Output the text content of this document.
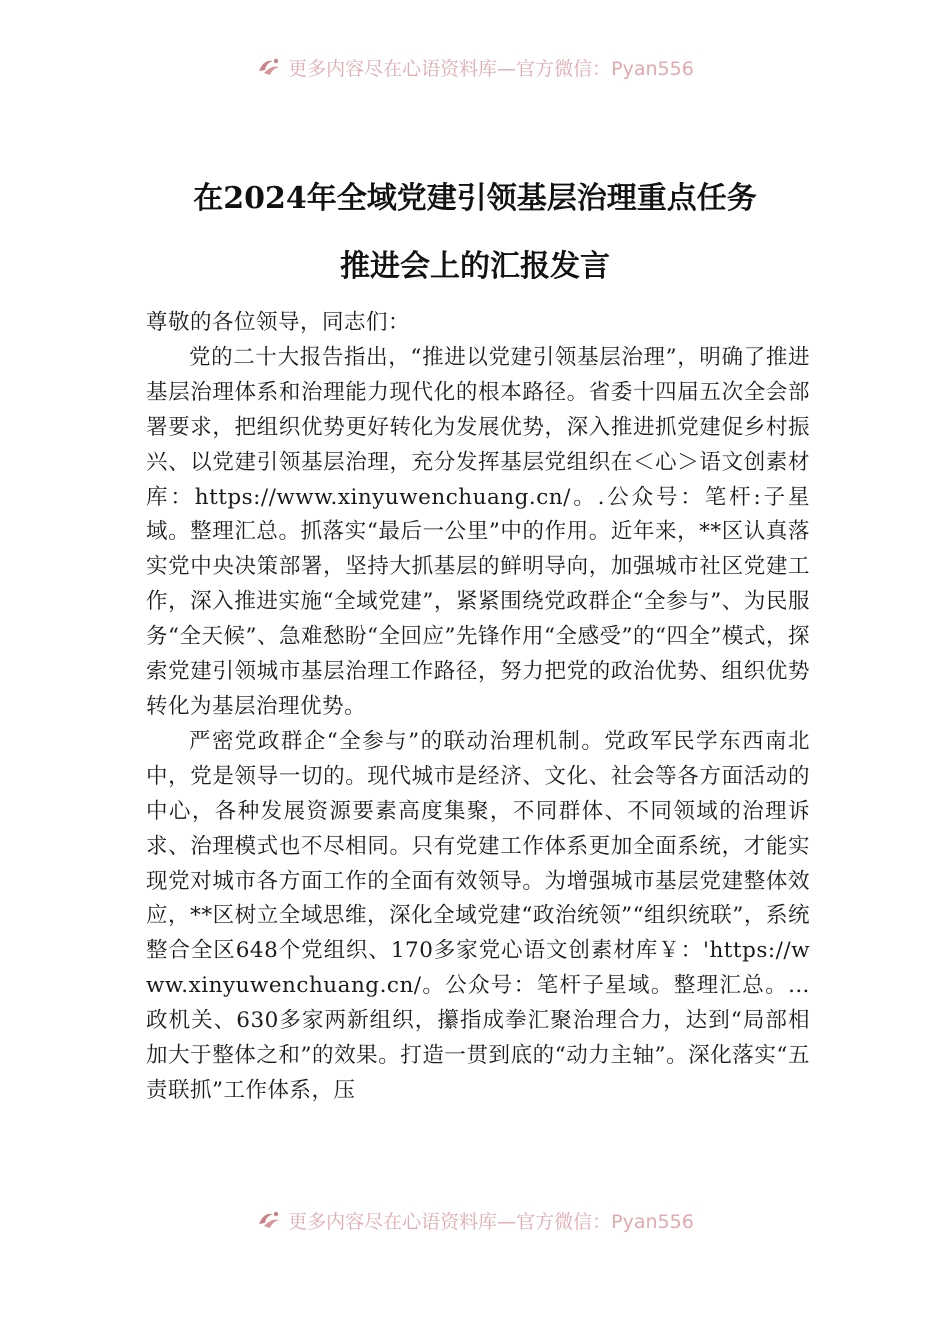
更多内容尽在心语资料库—官方微信：Pyan556
在2024年全域党建引领基层治理重点任务
推进会上的汇报发言

尊敬的各位领导，同志们：

党的二十大报告指出，“推进以党建引领基层治理”，明确了推进基层治理体系和治理能力现代化的根本路径。省委十四届五次全会部署要求，把组织优势更好转化为发展优势，深入推进抓党建促乡村振兴、以党建引领基层治理，充分发挥基层党组织在＜心＞语文创素材库：https://www.xinyuwenchuang.cn/。.公众号：笔杆:子星域。整理汇总。抓落实“最后一公里”中的作用。近年来，**区认真落实党中央决策部署，坚持大抓基层的鲜明导向，加强城市社区党建工作，深入推进实施“全域党建”，紧紧围绕党政群企“全参与”、为民服务“全天候”、急难愁盼“全回应”先锋作用“全感受”的“四全”模式，探索党建引领城市基层治理工作路径，努力把党的政治优势、组织优势转化为基层治理优势。

严密党政群企“全参与”的联动治理机制。党政军民学东西南北中，党是领导一切的。现代城市是经济、文化、社会等各方面活动的中心，各种发展资源要素高度集聚，不同群体、不同领域的治理诉求、治理模式也不尽相同。只有党建工作体系更加全面系统，才能实现党对城市各方面工作的全面有效领导。为增强城市基层党建整体效应，**区树立全域思维，深化全域党建“政治统领”“组织统联”，系统整合全区648个党组织、170多家党心语文创素材库￥：'https://www.xinyuwenchuang.cn/。公众号：笔杆子星域。整理汇总。…政机关、630多家两新组织，攥指成拳汇聚治理合力，达到“局部相加大于整体之和”的效果。打造一贯到底的“动力主轴”。深化落实“五责联抓”工作体系，压

更多内容尽在心语资料库—官方微信：Pyan556
